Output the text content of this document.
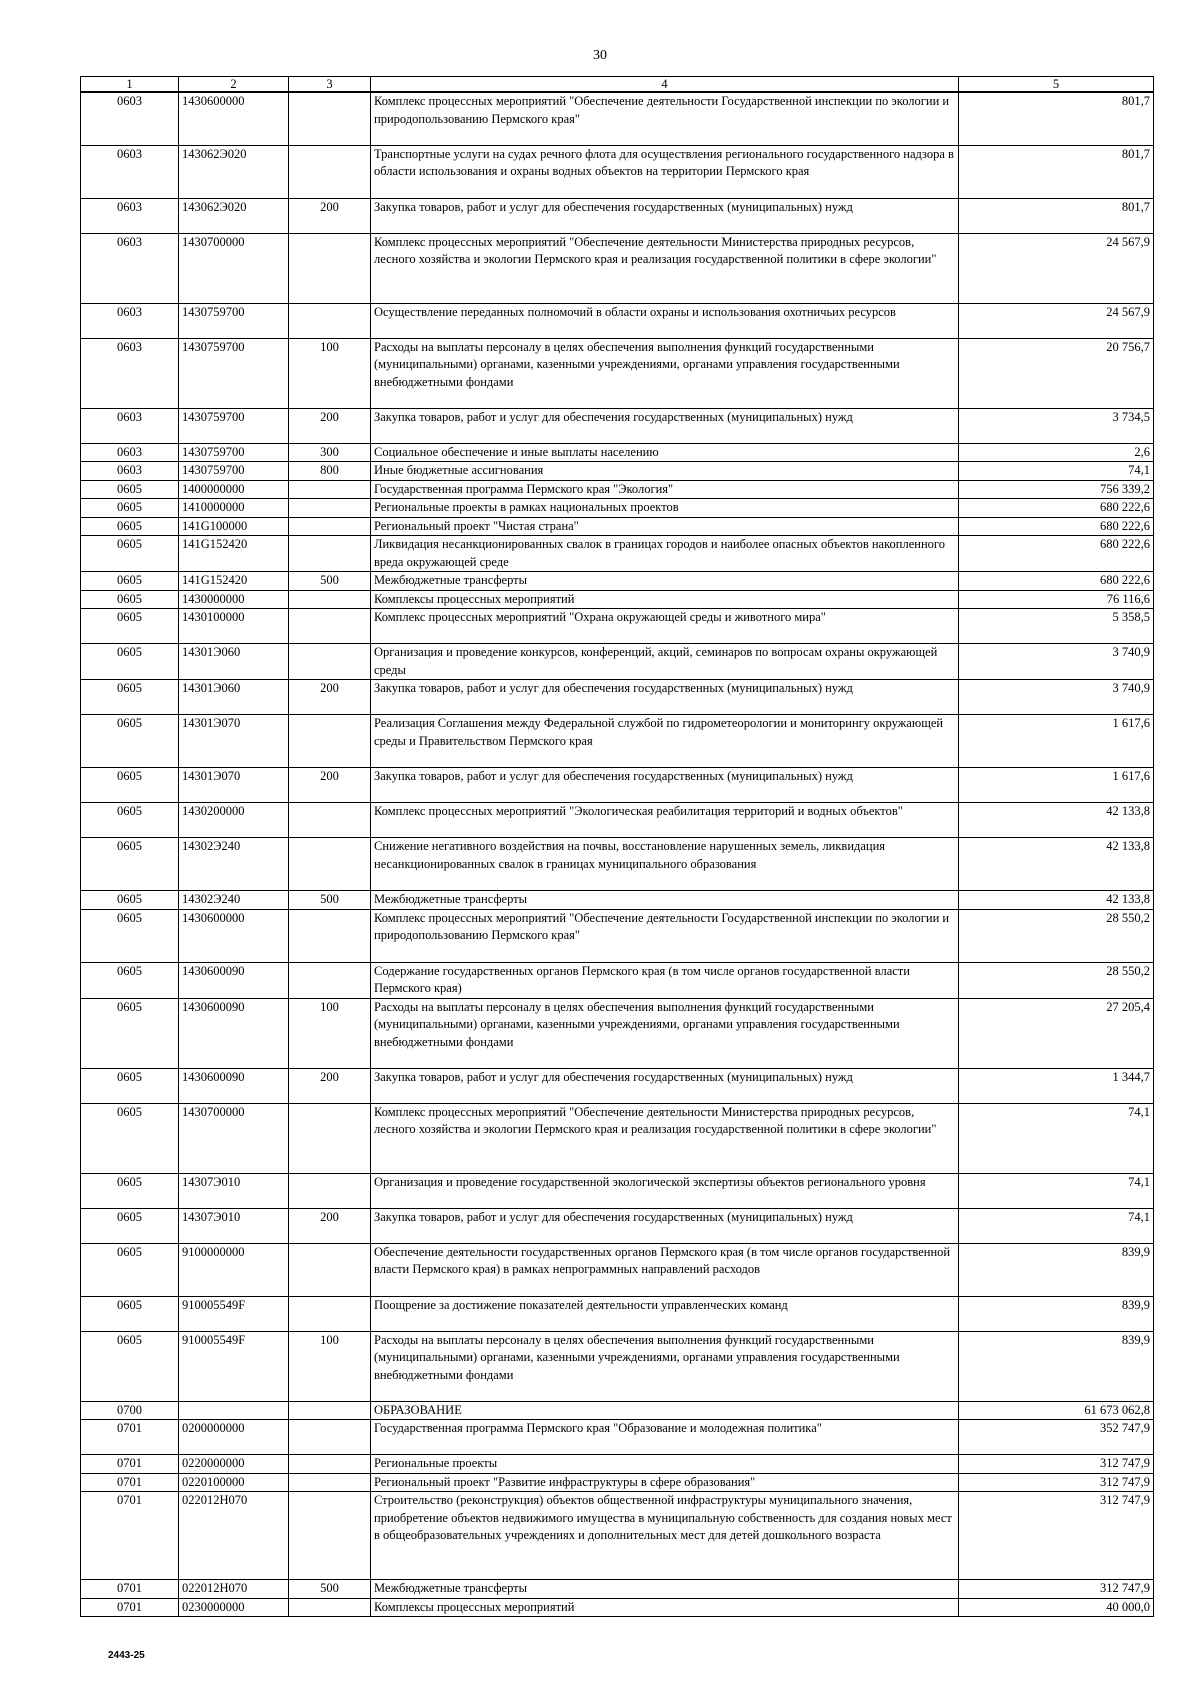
30
1	2	3	4	5
0603	1430600000		Комплекс процессных мероприятий "Обеспечение деятельности Государственной инспекции по экологии и природопользованию Пермского края"	801,7
0603	143062Э020		Транспортные услуги на судах речного флота для осуществления регионального государственного надзора в области использования и охраны водных объектов на территории Пермского края	801,7
0603	143062Э020	200	Закупка товаров, работ и услуг для обеспечения государственных (муниципальных) нужд	801,7
0603	1430700000		Комплекс процессных мероприятий "Обеспечение деятельности Министерства природных ресурсов, лесного хозяйства и экологии Пермского края и реализация государственной политики в сфере экологии"	24 567,9
0603	1430759700		Осуществление переданных полномочий в области охраны и использования охотничьих ресурсов	24 567,9
0603	1430759700	100	Расходы на выплаты персоналу в целях обеспечения выполнения функций государственными (муниципальными) органами, казенными учреждениями, органами управления государственными внебюджетными фондами	20 756,7
0603	1430759700	200	Закупка товаров, работ и услуг для обеспечения государственных (муниципальных) нужд	3 734,5
0603	1430759700	300	Социальное обеспечение и иные выплаты населению	2,6
0603	1430759700	800	Иные бюджетные ассигнования	74,1
0605	1400000000		Государственная программа Пермского края "Экология"	756 339,2
0605	1410000000		Региональные проекты в рамках национальных проектов	680 222,6
0605	141G100000		Региональный проект "Чистая страна"	680 222,6
0605	141G152420		Ликвидация несанкционированных свалок в границах городов и наиболее опасных объектов накопленного вреда окружающей среде	680 222,6
0605	141G152420	500	Межбюджетные трансферты	680 222,6
0605	1430000000		Комплексы процессных мероприятий	76 116,6
0605	1430100000		Комплекс процессных мероприятий "Охрана окружающей среды и животного мира"	5 358,5
0605	14301Э060		Организация и проведение конкурсов, конференций, акций, семинаров по вопросам охраны окружающей среды	3 740,9
0605	14301Э060	200	Закупка товаров, работ и услуг для обеспечения государственных (муниципальных) нужд	3 740,9
0605	14301Э070		Реализация Соглашения между Федеральной службой по гидрометеорологии и мониторингу окружающей среды и Правительством Пермского края	1 617,6
0605	14301Э070	200	Закупка товаров, работ и услуг для обеспечения государственных (муниципальных) нужд	1 617,6
0605	1430200000		Комплекс процессных мероприятий "Экологическая реабилитация территорий и водных объектов"	42 133,8
0605	14302Э240		Снижение негативного воздействия на почвы, восстановление нарушенных земель, ликвидация несанкционированных свалок в границах муниципального образования	42 133,8
0605	14302Э240	500	Межбюджетные трансферты	42 133,8
0605	1430600000		Комплекс процессных мероприятий "Обеспечение деятельности Государственной инспекции по экологии и природопользованию Пермского края"	28 550,2
0605	1430600090		Содержание государственных органов Пермского края (в том числе органов государственной власти Пермского края)	28 550,2
0605	1430600090	100	Расходы на выплаты персоналу в целях обеспечения выполнения функций государственными (муниципальными) органами, казенными учреждениями, органами управления государственными внебюджетными фондами	27 205,4
0605	1430600090	200	Закупка товаров, работ и услуг для обеспечения государственных (муниципальных) нужд	1 344,7
0605	1430700000		Комплекс процессных мероприятий "Обеспечение деятельности Министерства природных ресурсов, лесного хозяйства и экологии Пермского края и реализация государственной политики в сфере экологии"	74,1
0605	14307Э010		Организация и проведение государственной экологической экспертизы объектов регионального уровня	74,1
0605	14307Э010	200	Закупка товаров, работ и услуг для обеспечения государственных (муниципальных) нужд	74,1
0605	9100000000		Обеспечение деятельности государственных органов Пермского края (в том числе органов государственной власти Пермского края) в рамках непрограммных направлений расходов	839,9
0605	910005549F		Поощрение за достижение показателей деятельности управленческих команд	839,9
0605	910005549F	100	Расходы на выплаты персоналу в целях обеспечения выполнения функций государственными (муниципальными) органами, казенными учреждениями, органами управления государственными внебюджетными фондами	839,9
0700			ОБРАЗОВАНИЕ	61 673 062,8
0701	0200000000		Государственная программа Пермского края "Образование и молодежная политика"	352 747,9
0701	0220000000		Региональные проекты	312 747,9
0701	0220100000		Региональный проект "Развитие инфраструктуры в сфере образования"	312 747,9
0701	022012H070		Строительство (реконструкция) объектов общественной инфраструктуры муниципального значения, приобретение объектов недвижимого имущества в муниципальную собственность для создания новых мест в общеобразовательных учреждениях и дополнительных мест для детей дошкольного возраста	312 747,9
0701	022012H070	500	Межбюджетные трансферты	312 747,9
0701	0230000000		Комплексы процессных мероприятий	40 000,0
2443-25
